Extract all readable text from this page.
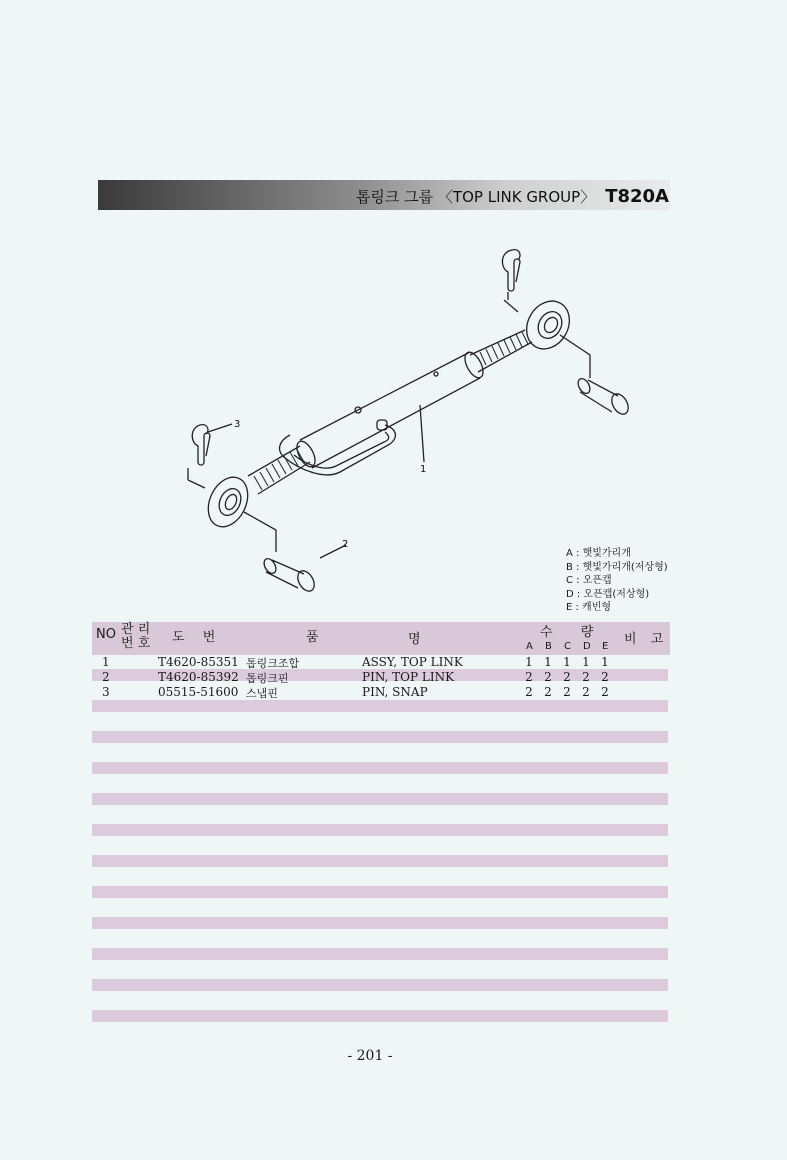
톱링크 그룹 〈TOP LINK GROUP〉 T820A
3
1
2
A : 햇빛가리개
B : 햇빛가리개(저상형)
C : 오픈캡
D : 오픈캡(저상형)
E : 캐빈형
NO 관 리
번 호 도 번	품	명	수 량
A B C D E 비 고
1	T4620-85351 톱링크조합	ASSY, TOP LINK	1 1 1 1 1
2	T4620-85392 톱링크핀	PIN, TOP LINK	2 2 2 2 2
3	05515-51600 스냅핀	PIN, SNAP	2 2 2 2 2
- 201 -
